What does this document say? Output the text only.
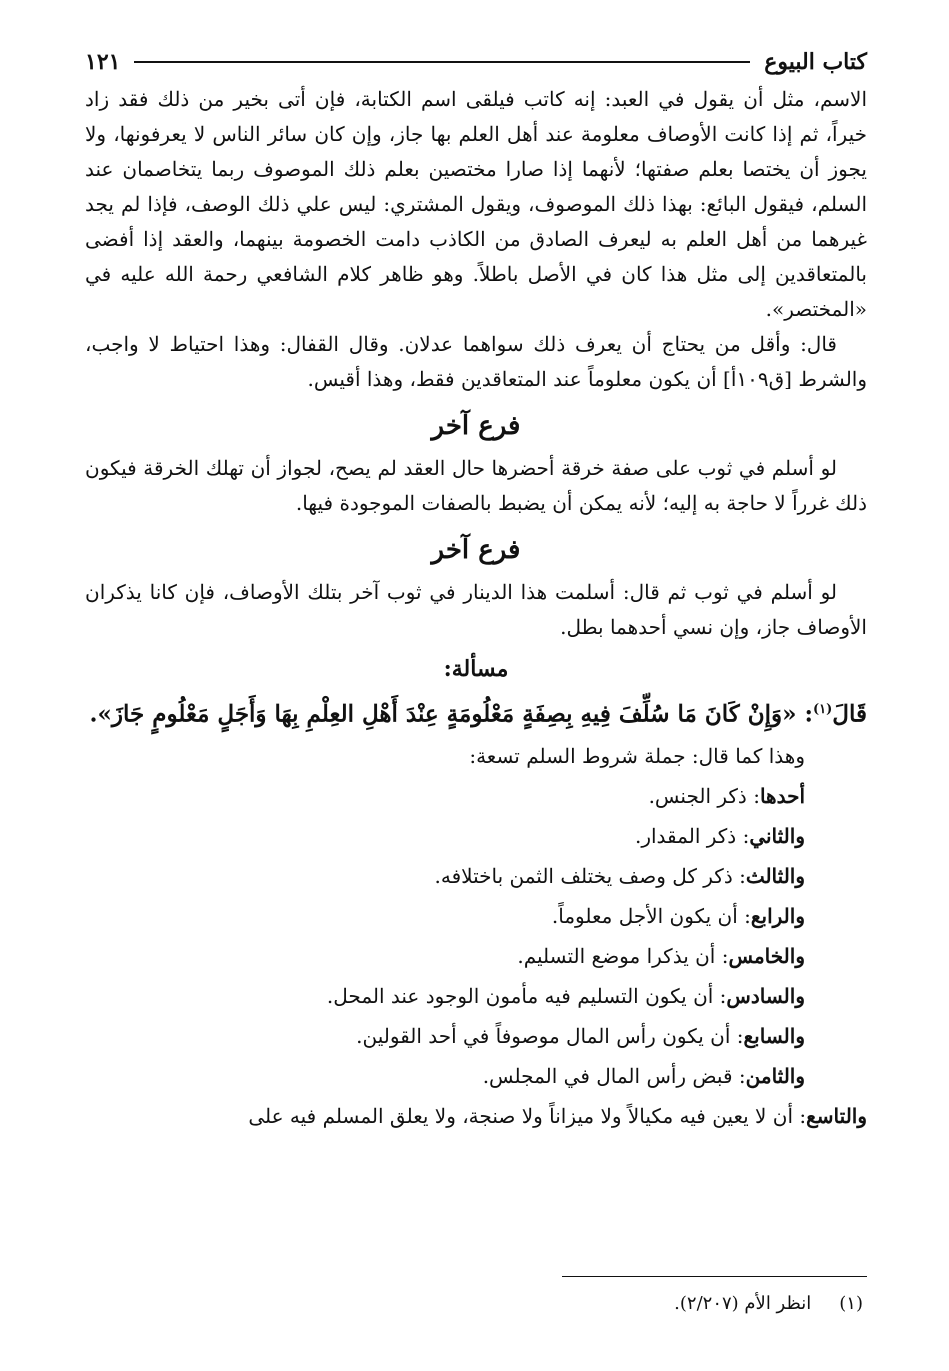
كتاب البيوع
١٢١

الاسم، مثل أن يقول في العبد: إنه كاتب فيلقى اسم الكتابة، فإن أتى بخير من ذلك فقد زاد خيراً، ثم إذا كانت الأوصاف معلومة عند أهل العلم بها جاز، وإن كان سائر الناس لا يعرفونها، ولا يجوز أن يختصا بعلم صفتها؛ لأنهما إذا صارا مختصين بعلم ذلك الموصوف ربما يتخاصمان عند السلم، فيقول البائع: بهذا ذلك الموصوف، ويقول المشتري: ليس علي ذلك الوصف، فإذا لم يجد غيرهما من أهل العلم به ليعرف الصادق من الكاذب دامت الخصومة بينهما، والعقد إذا أفضى بالمتعاقدين إلى مثل هذا كان في الأصل باطلاً. وهو ظاهر كلام الشافعي رحمة الله عليه في «المختصر».

قال: وأقل من يحتاج أن يعرف ذلك سواهما عدلان. وقال القفال: وهذا احتياط لا واجب، والشرط [ق١٠٩أ] أن يكون معلوماً عند المتعاقدين فقط، وهذا أقيس.

فرع آخر

لو أسلم في ثوب على صفة خرقة أحضرها حال العقد لم يصح، لجواز أن تهلك الخرقة فيكون ذلك غرراً لا حاجة به إليه؛ لأنه يمكن أن يضبط بالصفات الموجودة فيها.

فرع آخر

لو أسلم في ثوب ثم قال: أسلمت هذا الدينار في ثوب آخر بتلك الأوصاف، فإن كانا يذكران الأوصاف جاز، وإن نسي أحدهما بطل.

مسألة:

قَالَ$^{(١)}$: «وَإِنْ كَانَ مَا سُلِّفَ فِيهِ بِصِفَةٍ مَعْلُومَةٍ عِنْدَ أَهْلِ العِلْمِ بِهَا وَأَجَلٍ مَعْلُومٍ جَازَ».

وهذا كما قال: جملة شروط السلم تسعة:

أحدها: ذكر الجنس.
والثاني: ذكر المقدار.
والثالث: ذكر كل وصف يختلف الثمن باختلافه.
والرابع: أن يكون الأجل معلوماً.
والخامس: أن يذكرا موضع التسليم.
والسادس: أن يكون التسليم فيه مأمون الوجود عند المحل.
والسابع: أن يكون رأس المال موصوفاً في أحد القولين.
والثامن: قبض رأس المال في المجلس.
والتاسع: أن لا يعين فيه مكيالاً ولا ميزاناً ولا صنجة، ولا يعلق المسلم فيه على
(١)انظر الأم (٢/٢٠٧).
